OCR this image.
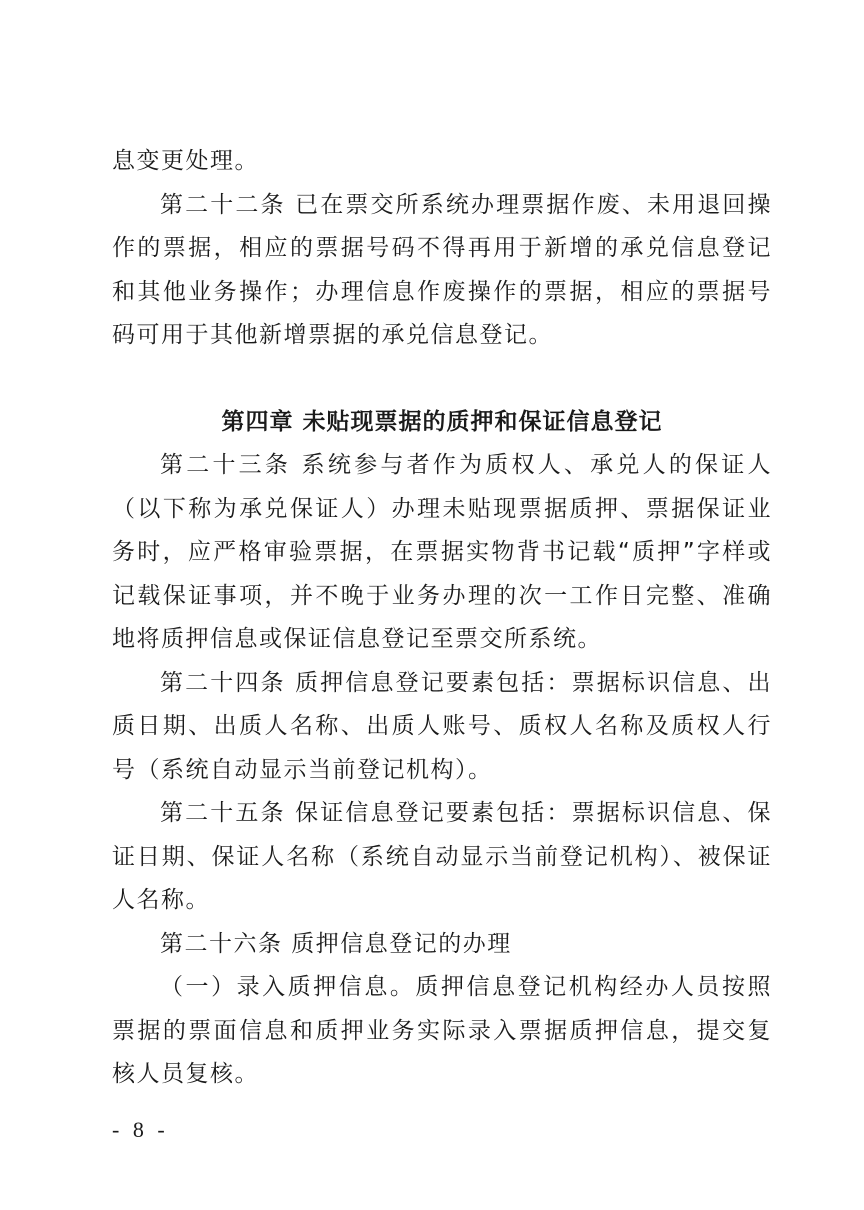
息变更处理。

第二十二条 已在票交所系统办理票据作废、未用退回操作的票据，相应的票据号码不得再用于新增的承兑信息登记和其他业务操作；办理信息作废操作的票据，相应的票据号码可用于其他新增票据的承兑信息登记。

第四章 未贴现票据的质押和保证信息登记

第二十三条 系统参与者作为质权人、承兑人的保证人（以下称为承兑保证人）办理未贴现票据质押、票据保证业务时，应严格审验票据，在票据实物背书记载“质押”字样或记载保证事项，并不晚于业务办理的次一工作日完整、准确地将质押信息或保证信息登记至票交所系统。

第二十四条 质押信息登记要素包括：票据标识信息、出质日期、出质人名称、出质人账号、质权人名称及质权人行号（系统自动显示当前登记机构）。

第二十五条 保证信息登记要素包括：票据标识信息、保证日期、保证人名称（系统自动显示当前登记机构）、被保证人名称。

第二十六条 质押信息登记的办理

（一）录入质押信息。质押信息登记机构经办人员按照票据的票面信息和质押业务实际录入票据质押信息，提交复核人员复核。

- 8 -
